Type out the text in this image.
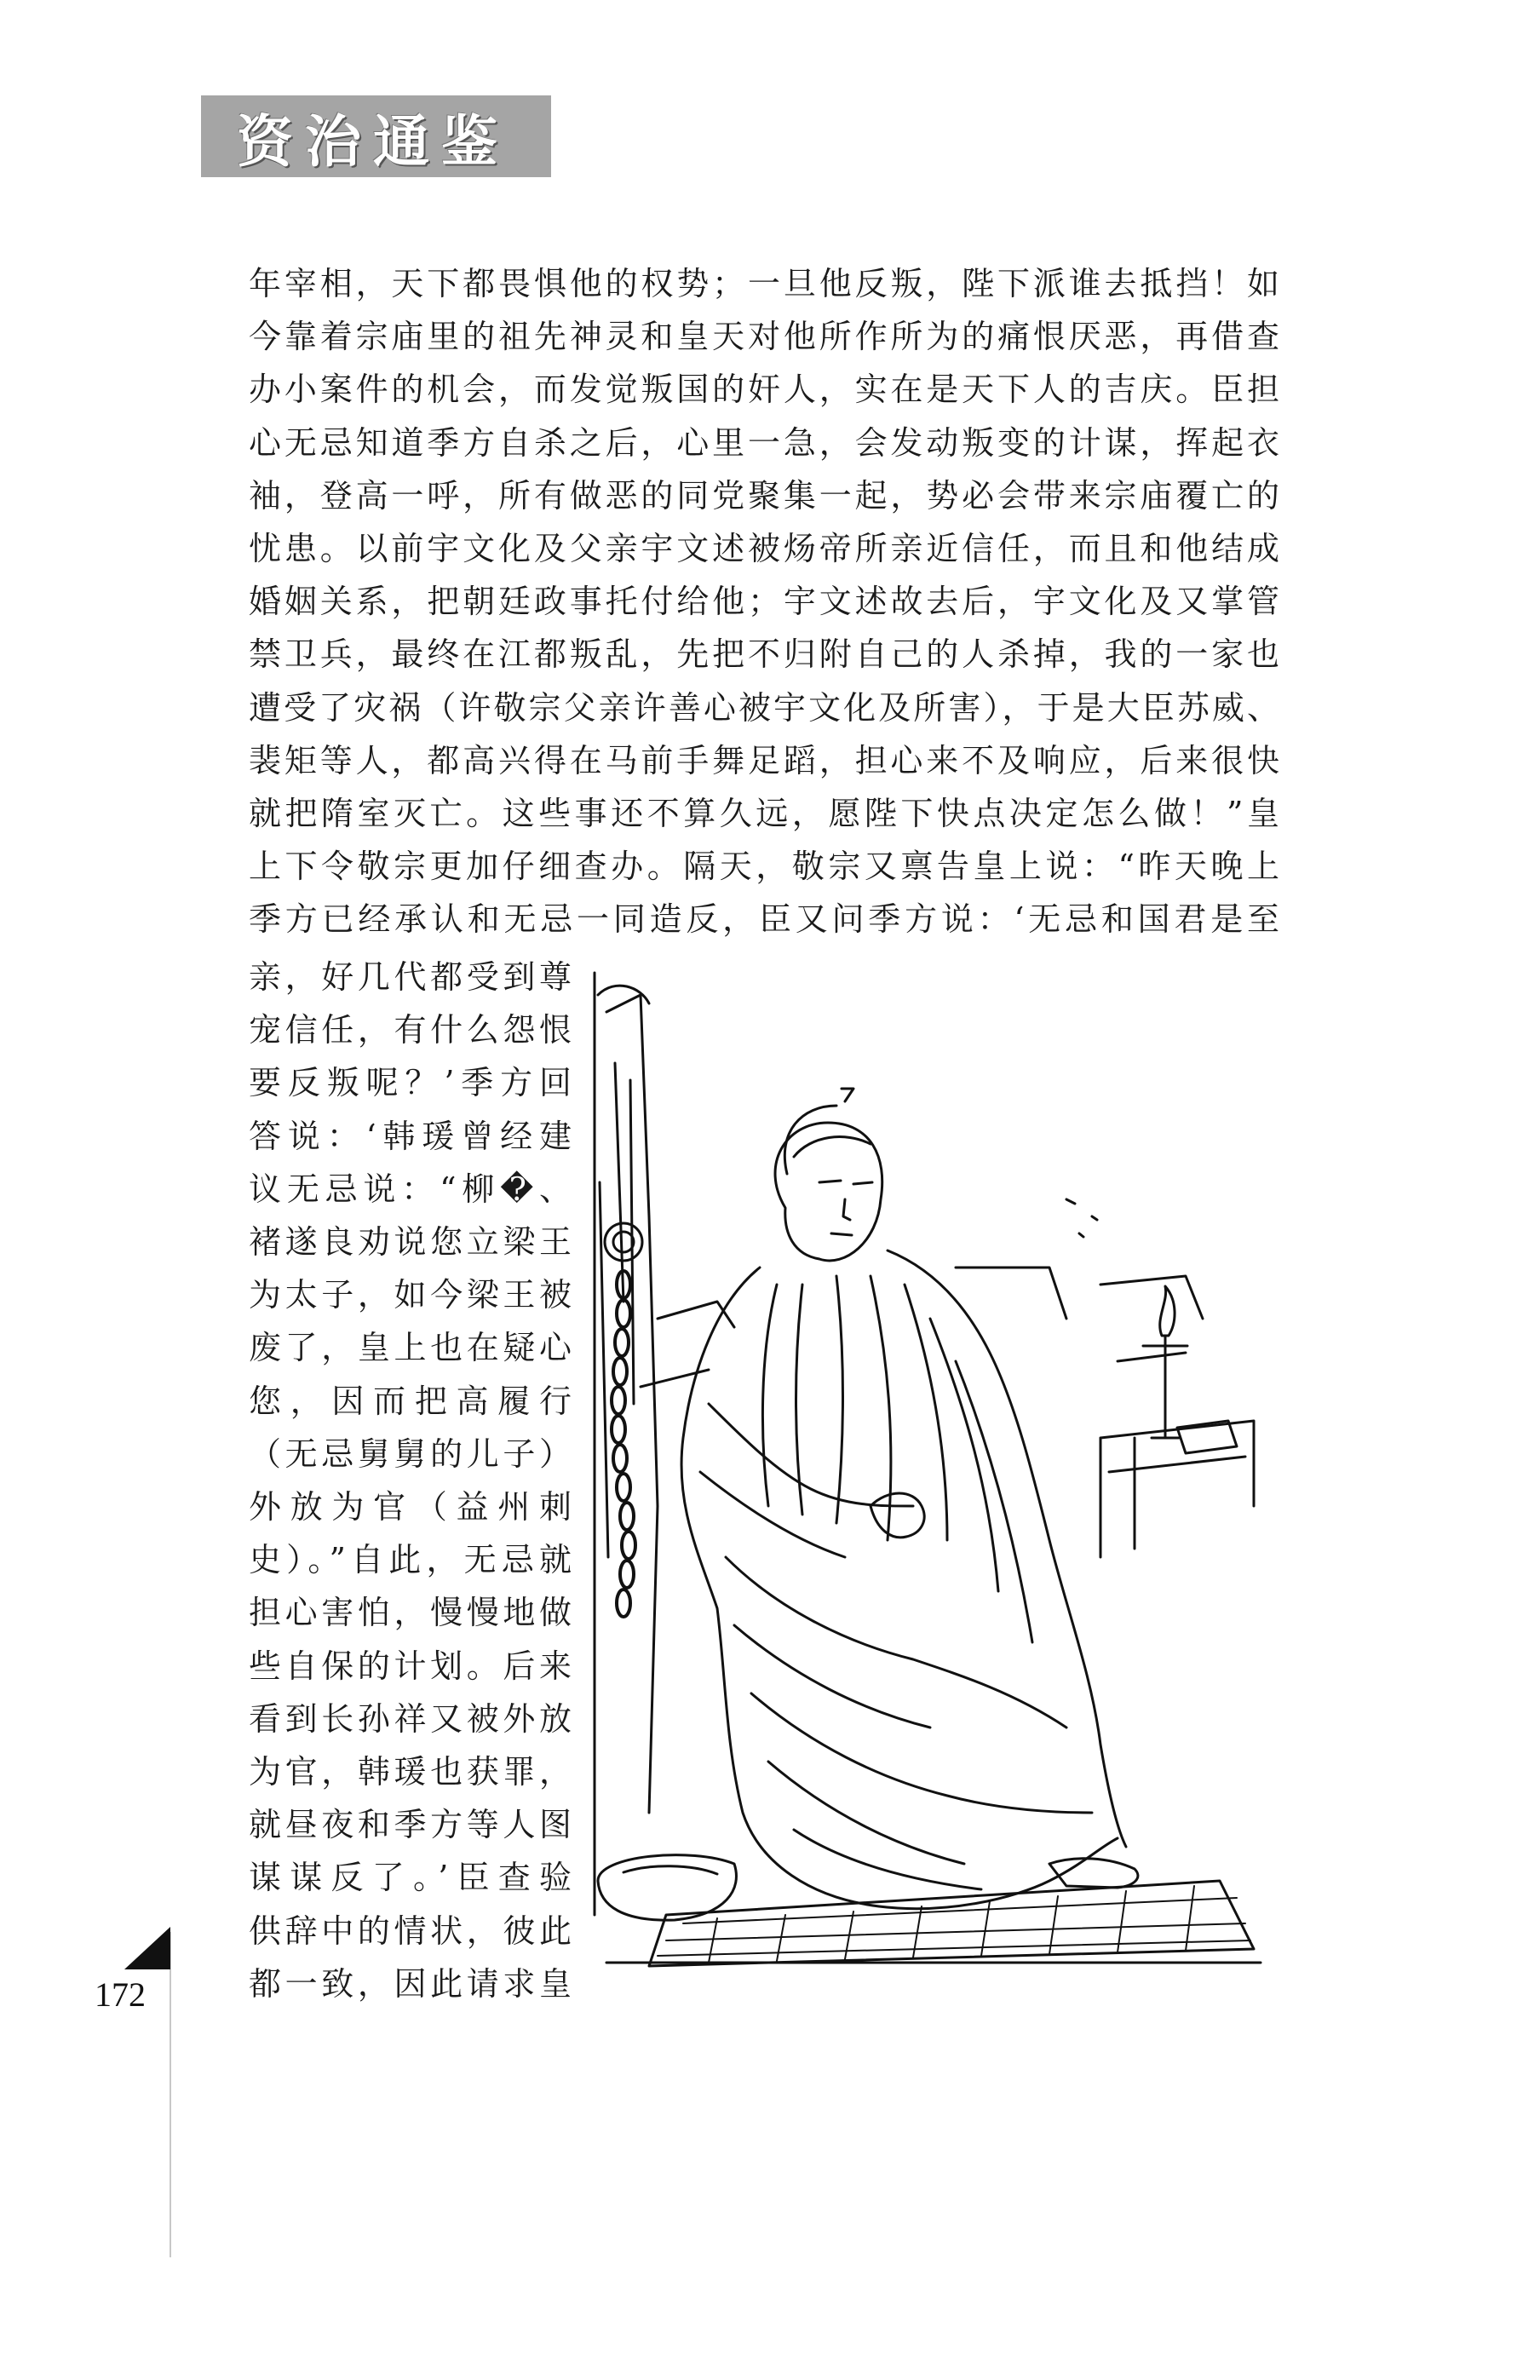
资治通鉴
172
年宰相，天下都畏惧他的权势；一旦他反叛，陛下派谁去抵挡！如
今靠着宗庙里的祖先神灵和皇天对他所作所为的痛恨厌恶，再借查
办小案件的机会，而发觉叛国的奸人，实在是天下人的吉庆。臣担
心无忌知道季方自杀之后，心里一急，会发动叛变的计谋，挥起衣
袖，登高一呼，所有做恶的同党聚集一起，势必会带来宗庙覆亡的
忧患。以前宇文化及父亲宇文述被炀帝所亲近信任，而且和他结成
婚姻关系，把朝廷政事托付给他；宇文述故去后，宇文化及又掌管
禁卫兵，最终在江都叛乱，先把不归附自己的人杀掉，我的一家也
遭受了灾祸（许敬宗父亲许善心被宇文化及所害），于是大臣苏威、
裴矩等人，都高兴得在马前手舞足蹈，担心来不及响应，后来很快
就把隋室灭亡。这些事还不算久远，愿陛下快点决定怎么做！”皇
上下令敬宗更加仔细查办。隔天，敬宗又禀告皇上说：“昨天晚上
季方已经承认和无忌一同造反，臣又问季方说：‘无忌和国君是至
亲，好几代都受到尊
宠信任，有什么怨恨
要反叛呢？’季方回
答说：‘韩瑗曾经建
议无忌说：“柳�、
褚遂良劝说您立梁王
为太子，如今梁王被
废了，皇上也在疑心
您，因而把高履行
（无忌舅舅的儿子）
外放为官（益州刺
史）。”自此，无忌就
担心害怕，慢慢地做
些自保的计划。后来
看到长孙祥又被外放
为官，韩瑗也获罪，
就昼夜和季方等人图
谋谋反了。’臣查验
供辞中的情状，彼此
都一致，因此请求皇
